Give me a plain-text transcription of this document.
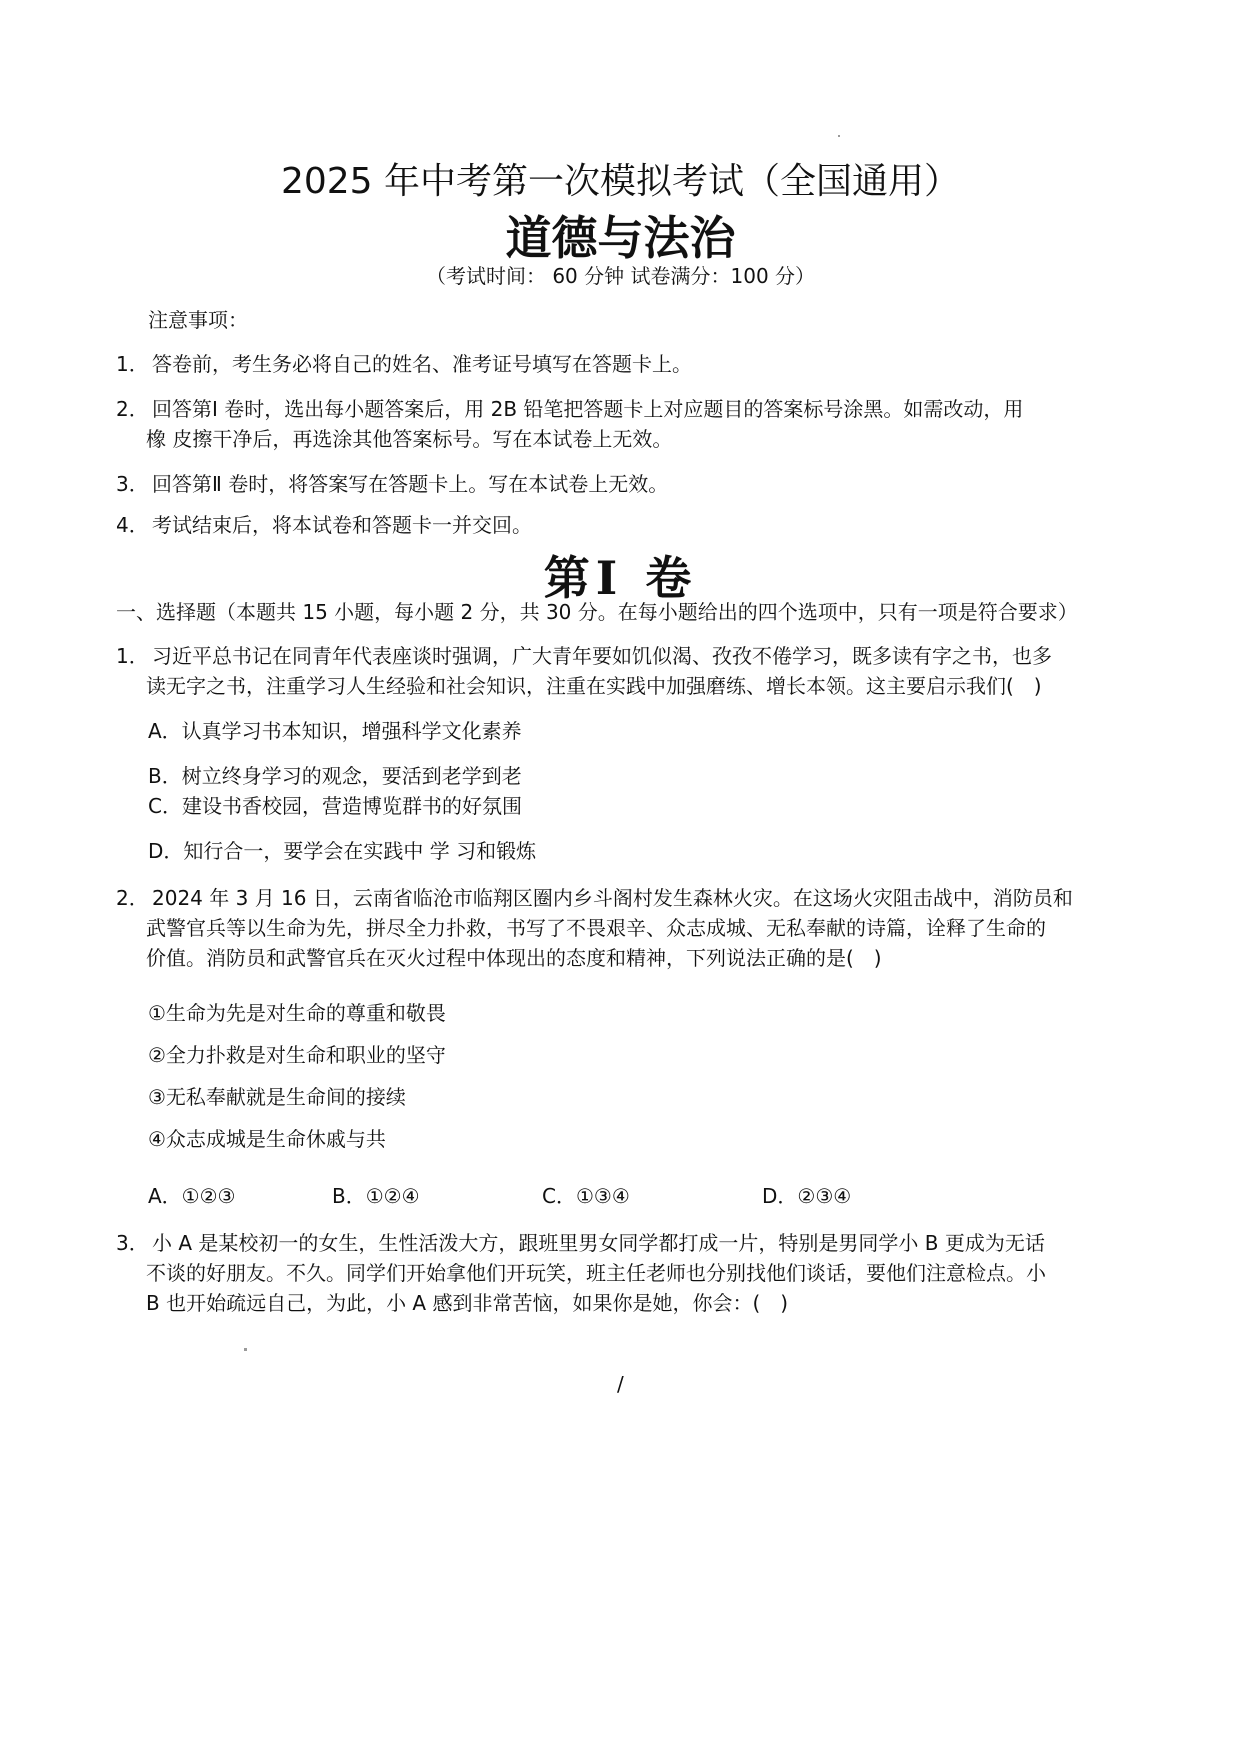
2025 年中考第一次模拟考试（全国通用）
道德与法治
（考试时间： 60 分钟 试卷满分：100 分）
注意事项：
1． 答卷前，考生务必将自己的姓名、准考证号填写在答题卡上。
2． 回答第Ⅰ 卷时，选出每小题答案后，用 2B 铅笔把答题卡上对应题目的答案标号涂黑。如需改动，用
橡 皮擦干净后，再选涂其他答案标号。写在本试卷上无效。
3． 回答第Ⅱ 卷时，将答案写在答题卡上。写在本试卷上无效。
4． 考试结束后，将本试卷和答题卡一并交回。
第Ⅰ 卷
一、选择题（本题共 15 小题，每小题 2 分，共 30 分。在每小题给出的四个选项中，只有一项是符合要求）
1． 习近平总书记在同青年代表座谈时强调，广大青年要如饥似渴、孜孜不倦学习，既多读有字之书，也多
读无字之书，注重学习人生经验和社会知识，注重在实践中加强磨练、增长本领。这主要启示我们(　)
A．认真学习书本知识，增强科学文化素养
B．树立终身学习的观念，要活到老学到老
C．建设书香校园，营造博览群书的好氛围
D．知行合一，要学会在实践中 学 习和锻炼
2． 2024 年 3 月 16 日，云南省临沧市临翔区圈内乡斗阁村发生森林火灾。在这场火灾阻击战中，消防员和
武警官兵等以生命为先，拼尽全力扑救，书写了不畏艰辛、众志成城、无私奉献的诗篇，诠释了生命的
价值。消防员和武警官兵在灭火过程中体现出的态度和精神，下列说法正确的是(　)
①生命为先是对生命的尊重和敬畏
②全力扑救是对生命和职业的坚守
③无私奉献就是生命间的接续
④众志成城是生命休戚与共
A．①②③	B．①②④	C．①③④	D．②③④
3． 小 A 是某校初一的女生，生性活泼大方，跟班里男女同学都打成一片，特别是男同学小 B 更成为无话
不谈的好朋友。不久。同学们开始拿他们开玩笑，班主任老师也分别找他们谈话，要他们注意检点。小
B 也开始疏远自己，为此，小 A 感到非常苦恼，如果你是她，你会：(　)
/
